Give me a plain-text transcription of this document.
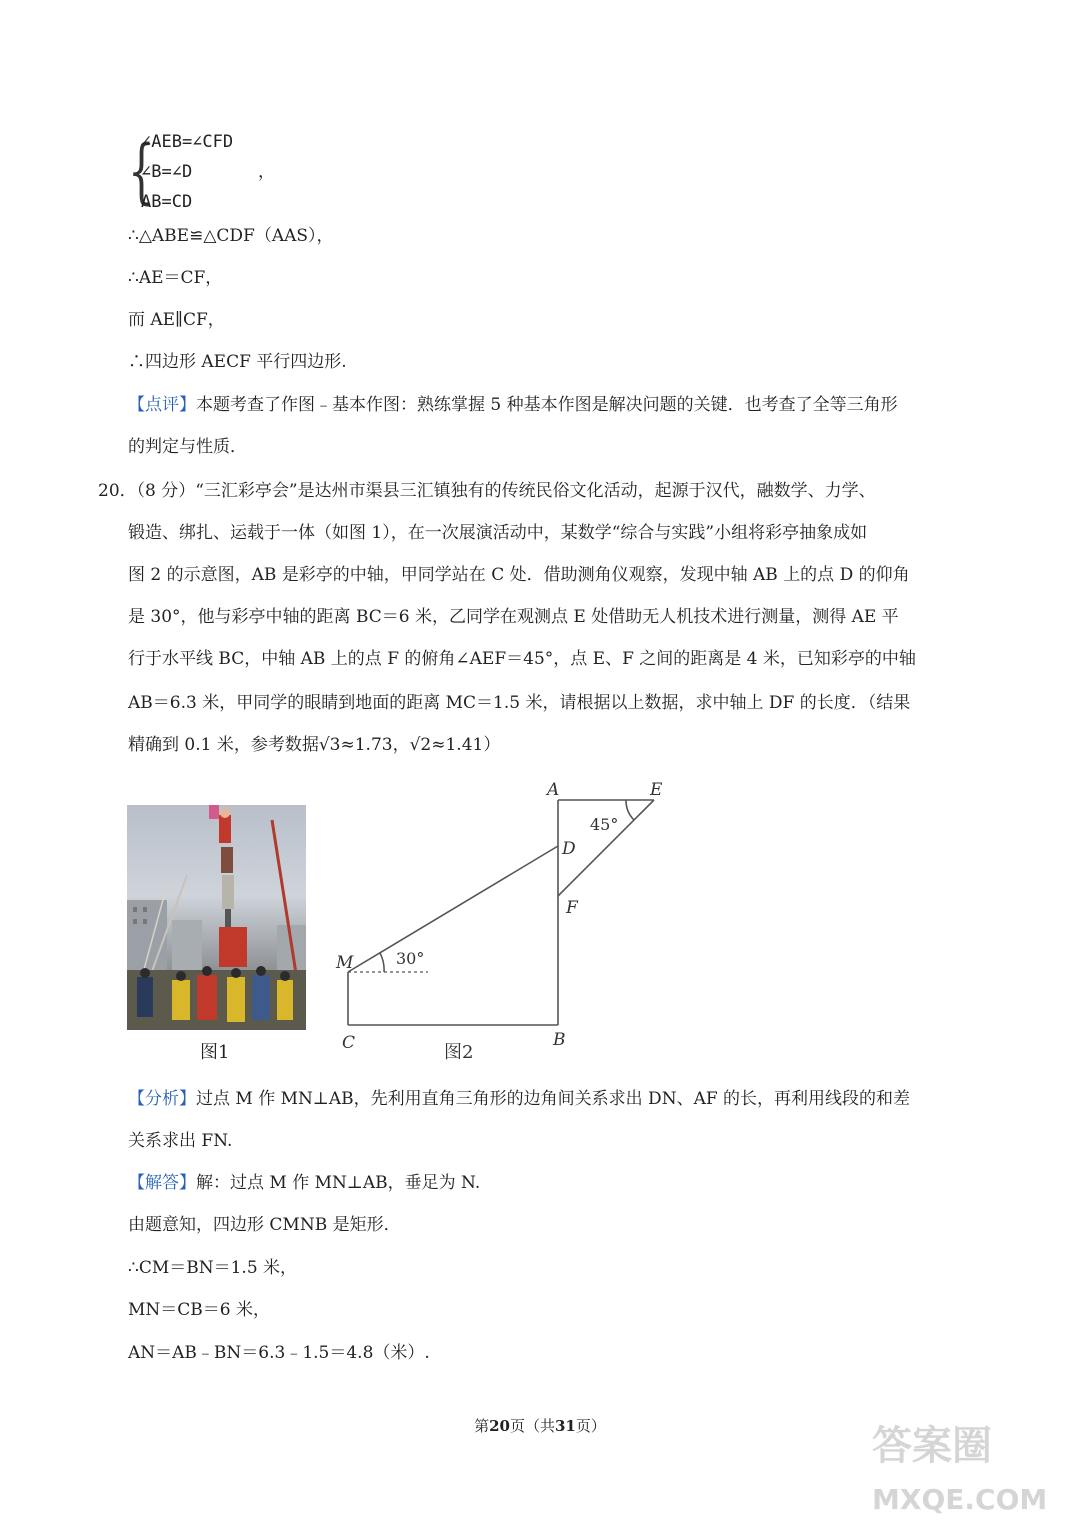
{
∠AEB=∠CFD
∠B=∠D
AB=CD
，
∴△ABE≌△CDF（AAS），
∴AE＝CF，
而 AE∥CF，
∴四边形 AECF 平行四边形.
【点评】本题考查了作图﹣基本作图：熟练掌握 5 种基本作图是解决问题的关键．也考查了全等三角形
的判定与性质．
20．
（8 分）“三汇彩亭会”是达州市渠县三汇镇独有的传统民俗文化活动，起源于汉代，融数学、力学、
锻造、绑扎、运载于一体（如图 1），在一次展演活动中，某数学“综合与实践”小组将彩亭抽象成如
图 2 的示意图，AB 是彩亭的中轴，甲同学站在 C 处．借助测角仪观察，发现中轴 AB 上的点 D 的仰角
是 30°，他与彩亭中轴的距离 BC＝6 米，乙同学在观测点 E 处借助无人机技术进行测量，测得 AE 平
行于水平线 BC，中轴 AB 上的点 F 的俯角∠AEF＝45°，点 E、F 之间的距离是 4 米，已知彩亭的中轴
AB＝6.3 米，甲同学的眼睛到地面的距离 MC＝1.5 米，请根据以上数据，求中轴上 DF 的长度．（结果
精确到 0.1 米，参考数据√3≈1.73，√2≈1.41）
图1
A	E
D
F
M
C	B
45°
30°
图2
【分析】过点 M 作 MN⊥AB，先利用直角三角形的边角间关系求出 DN、AF 的长，再利用线段的和差
关系求出 FN.
【解答】解：过点 M 作 MN⊥AB，垂足为 N.
由题意知，四边形 CMNB 是矩形．
∴CM＝BN＝1.5 米，
MN＝CB＝6 米，
AN＝AB﹣BN＝6.3﹣1.5＝4.8（米）.
第20页（共31页）	答案圈
MXQE.COM
